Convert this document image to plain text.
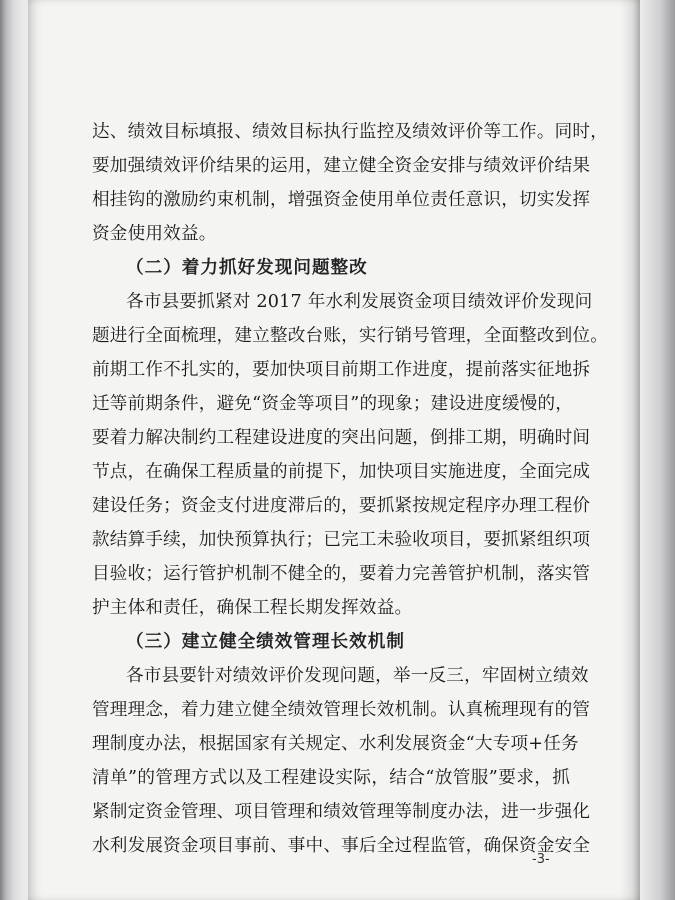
达、绩效目标填报、绩效目标执行监控及绩效评价等工作。同时，
要加强绩效评价结果的运用，建立健全资金安排与绩效评价结果
相挂钩的激励约束机制，增强资金使用单位责任意识，切实发挥
资金使用效益。
（二）着力抓好发现问题整改
各市县要抓紧对 2017 年水利发展资金项目绩效评价发现问
题进行全面梳理，建立整改台账，实行销号管理，全面整改到位。
前期工作不扎实的，要加快项目前期工作进度，提前落实征地拆
迁等前期条件，避免“资金等项目”的现象；建设进度缓慢的，
要着力解决制约工程建设进度的突出问题，倒排工期，明确时间
节点，在确保工程质量的前提下，加快项目实施进度，全面完成
建设任务；资金支付进度滞后的，要抓紧按规定程序办理工程价
款结算手续，加快预算执行；已完工未验收项目，要抓紧组织项
目验收；运行管护机制不健全的，要着力完善管护机制，落实管
护主体和责任，确保工程长期发挥效益。
（三）建立健全绩效管理长效机制
各市县要针对绩效评价发现问题，举一反三，牢固树立绩效
管理理念，着力建立健全绩效管理长效机制。认真梳理现有的管
理制度办法，根据国家有关规定、水利发展资金“大专项+任务
清单”的管理方式以及工程建设实际，结合“放管服”要求，抓
紧制定资金管理、项目管理和绩效管理等制度办法，进一步强化
水利发展资金项目事前、事中、事后全过程监管，确保资金安全
-3-
